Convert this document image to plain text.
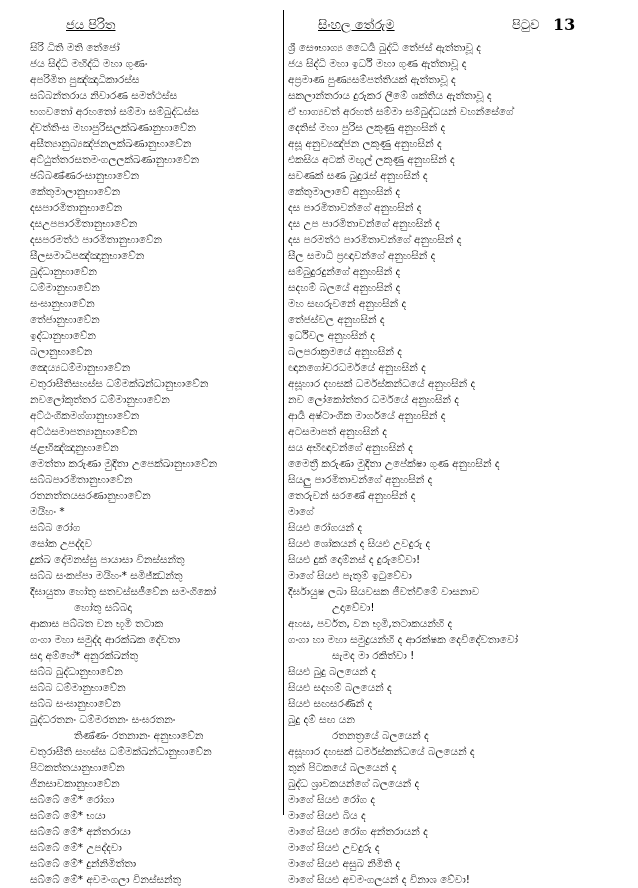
ජය පිරිත	සිංහල තේරුම	පිටුව 13
සිරි ධිති මති තේජෝ
ජය සිද්ධි මහිද්ධි මහා ගුණං
අපරිමිත පුඤ්ඤාධිකාරස්ස
සබ්බන්තරාය නිවාරණ සමත්ථස්ස
භගවතෝ අරහතෝ සම්මා සම්බුද්ධස්ස
ද්වත්තිංස මහාපුරිසලක්ඛණානුභාවේන
අසීත්‍යානුබ්‍යඤ්ජනලක්ඛණානුභාවේන
අට්ඨුත්තරසතමංගලලක්ඛණානුභාවේන
ඡබ්බණ්ණරංසානුභාවේන
කේතුමාලානුභාවේන
දසපාරමිතානුභාවේන
දසඋපපාරමිතානුභාවේන
දසපරමත්ථ පාරමිතානුභාවේන
සීලසමාධිපඤ්ඤානුභාවේන
බුද්ධානුභාවේන
ධම්මානුභාවේන
සංඝානුභාවේන
තේජානුභාවේන
ඉද්ධානුභාවේන
බලානුභාවේන
ඤෙය්‍යධම්මානුභාවේන
චතුරාසීතිසහස්ස ධම්මක්ඛන්ධානුභාවේන
නවලෝකුත්තර ධම්මානුභාවේන
අට්ඨංගිකමග්ගානුභාවේන
අට්ඨසමාපත්‍යානුභාවේන
ඡළභිඤ්ඤානුභාවේන
මෙත්තා කරුණා මුදිතා උපෙක්ඛානුභාවේන
සබ්බපාරමිතානුභාවේන
රතනත්තයසරණානුභාවේන
මයිහං *
සබ්බ රෝග
සෝක උපද්දව
දුක්ඛ දෝමනස්සු පායාසා විනස්සන්තු
සබ්බ සංකප්පා මයිහං* සමිජ්ඣන්තු
දීඝායුතා හෝතු සතවස්සජීවේන සමංගිකෝ
හෝතු සබ්බදා
ආකාස පබ්බත වන භූමි තටාක
ගංගා මහා සමුද්ද ආරක්ඛක දේවතා
සදා අම්හේ* අනුරක්ඛන්තු
සබ්බ බුද්ධානුභාවේන
සබ්බ ධම්මානුභාවේන
සබ්බ සංඝානුභාවේන
බුද්ධරතනං ධම්මරතනං සංඝරතනං
තිණ්ණං රතනානං අනුභාවේන
චතුරාසීති සහස්ස ධම්මක්ඛන්ධානුභාවේන
පිටකත්තයානුභාවේන
ජිනසාවකානුභාවේන
සබ්බේ මේ* රෝගා
සබ්බේ මේ* භයා
සබ්බේ මේ* අන්තරායා
සබ්බේ මේ* උපද්දවා
සබ්බේ මේ* දුන්නිමිත්තා
සබ්බේ මේ* අවමංගලා විනස්සන්තු
ශ්‍රී සෞභාග්‍ය ධෛර්‍ය බුද්ධි තේජස් ඇත්තාවූ ද
ජය සිද්ධි මහා ඉර්ධි මහා ගුණ ඇත්තාවූ ද
අප්‍රමාණ පුණ්‍යසම්පත්තියක් ඇත්තාවූ ද
සකලාන්තරාය දුරුකර ලීමේ ශක්තිය ඇත්තාවූ ද
ඒ භාග්‍යවත් අරහත් සම්මා සම්බුද්ධයන් වහන්සේගේ
දෙතිස් මහා පුරිස ලකුණු අනුහසින් ද
අසූ අනුව්‍යඤ්ජන ලකුණු අනුහසින් ද
එකසිය අටක් මඟුල් ලකුණු අනුහසින් ද
සවණක් සණ බුදුරැස් අනුහසින් ද
කේතුමාලාවේ අනුහසින් ද
දස පාරමිතාවන්ගේ අනුහසින් ද
දස උප පාරමිතාවන්ගේ අනුහසින් ද
දස පරමත්ථ පාරමිතාවන්ගේ අනුහසින් ද
සීල සමාධි ප්‍රඥාවන්ගේ අනුහසින් ද
සම්බුදුරදුන්ගේ අනුහසින් ද
සදහම් බලයේ අනුහසින් ද
මහ සඟරුවනේ අනුහසින් ද
තේජස්වල අනුහසින් ද
ඉර්ධිවල අනුහසින් ද
බලපරාක්‍රමයේ අනුහසින් ද
ඥානගෝචරධර්මයේ අනුහසින් ද
අසූහාර දහසක් ධර්මස්කන්ධයේ අනුහසින් ද
නව ලෝකෝත්තර ධර්මයේ අනුහසින් ද
ආර්‍ය අෂ්ටාංගික මාර්ගයේ අනුහසින් ද
අටසමාපත් අනුහසින් ද
සය අභිඥාවන්ගේ අනුහසින් ද
මෛත්‍රී කරුණා මුදිතා උපේක්ෂා ගුණ අනුහසින් ද
සියලු පාරමිතාවන්ගේ අනුහසින් ද
තෙරුවන් සරණේ අනුහසින් ද
මාගේ
සියළු රෝගයන් ද
සියළු ශෝකයන් ද සියළු උවදුරු ද
සියළු දුක් දොම්නස් ද දුරුවේවා!
මාගේ සියළු පැතුම් ඉටුවේවා
දීර්ඝායුෂ ලබා සියවසක ජීවත්වීමේ වාසනාව
උදාවේවා!
අහස, පර්වත, වන භූමි,තටාකයන්හි ද
ගංගා හා මහා සමුද්‍රයන්හි ද ආරක්ෂක දෙවිදේවතාවෝ
සැමද මා රකිත්වා !
සියළු බුදු බලයෙන් ද
සියළු සදහම් බලයෙන් ද
සියළු සඟසරණින් ද
බුදු දම් සඟ යන
රතනත්‍රයේ බලයෙන් ද
අසූහාර දහසක් ධර්මස්කන්ධයේ බලයෙන් ද
තුන් පිටකයේ බලයෙන් ද
බුද්ධ ශ්‍රාවකයන්ගේ බලයෙන් ද
මාගේ සියළු රෝග ද
මාගේ සියළු බිය ද
මාගේ සියළු රෝග අන්තරායන් ද
මාගේ සියළු උවදුරු ද
මාගේ සියළු අසුබ නිමිති ද
මාගේ සියළු අවමංගලයන් ද විනාශ වේවා!
